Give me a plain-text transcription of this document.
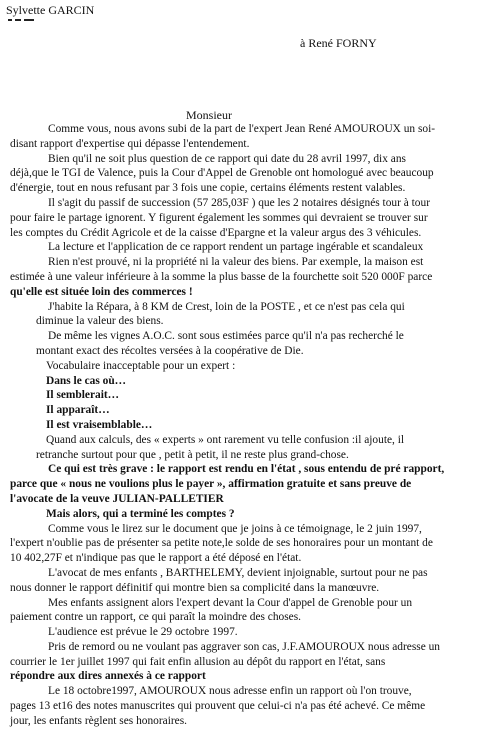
Sylvette GARCIN
à René FORNY
Monsieur

Comme vous, nous avons subi de la part de l'expert Jean René AMOUROUX un soi-

disant rapport d'expertise qui dépasse l'entendement.

Bien qu'il ne soit plus question de ce rapport qui date du 28 avril 1997, dix ans

déjà,que le TGI de Valence, puis la Cour d'Appel de Grenoble ont homologué avec beaucoup

d'énergie, tout en nous refusant par 3 fois une copie, certains éléments restent valables.

Il s'agit du passif de succession (57 285,03F ) que les 2 notaires désignés tour à tour

pour faire le partage ignorent. Y figurent également les sommes qui devraient se trouver sur

les comptes du Crédit Agricole et de la caisse d'Epargne et la valeur argus des 3 véhicules.

La lecture et l'application de ce rapport rendent un partage ingérable et scandaleux

Rien n'est prouvé, ni la propriété ni la valeur des biens. Par exemple, la maison est

estimée à une valeur inférieure à la somme la plus basse de la fourchette soit 520 000F parce

qu'elle est située loin des commerces !

J'habite la Répara, à 8 KM de Crest, loin de la POSTE , et ce n'est pas cela qui

diminue la valeur des biens.

De même les vignes A.O.C. sont sous estimées parce qu'il n'a pas recherché le

montant exact des récoltes versées à la coopérative de Die.

Vocabulaire inacceptable pour un expert :

Dans le cas où…

Il semblerait…

Il apparaît…

Il est vraisemblable…

Quand aux calculs, des « experts » ont rarement vu telle confusion :il ajoute, il

retranche surtout pour que , petit à petit, il ne reste plus grand-chose.

Ce qui est très grave : le rapport est rendu en l'état , sous entendu de pré rapport,

parce que « nous ne voulions plus le payer », affirmation gratuite et sans preuve de

l'avocate de la veuve JULIAN-PALLETIER

Mais alors, qui a terminé les comptes ?

Comme vous le lirez sur le document que je joins à ce témoignage, le 2 juin 1997,

l'expert n'oublie pas de présenter sa petite note,le solde de ses honoraires pour un montant de

10 402,27F et n'indique pas que le rapport a été déposé en l'état.

L'avocat de mes enfants , BARTHELEMY, devient injoignable, surtout pour ne pas

nous donner le rapport définitif qui montre bien sa complicité dans la manœuvre.

Mes enfants assignent alors l'expert devant la Cour d'appel de Grenoble pour un

paiement contre un rapport, ce qui paraît la moindre des choses.

L'audience est prévue le 29 octobre 1997.

Pris de remord ou ne voulant pas aggraver son cas, J.F.AMOUROUX nous adresse un

courrier le 1er juillet 1997 qui fait enfin allusion au dépôt du rapport en l'état, sans

répondre aux dires annexés à ce rapport

Le 18 octobre1997, AMOUROUX nous adresse enfin un rapport où l'on trouve,

pages 13 et16 des notes manuscrites qui prouvent que celui-ci n'a pas été achevé. Ce même

jour, les enfants règlent ses honoraires.
